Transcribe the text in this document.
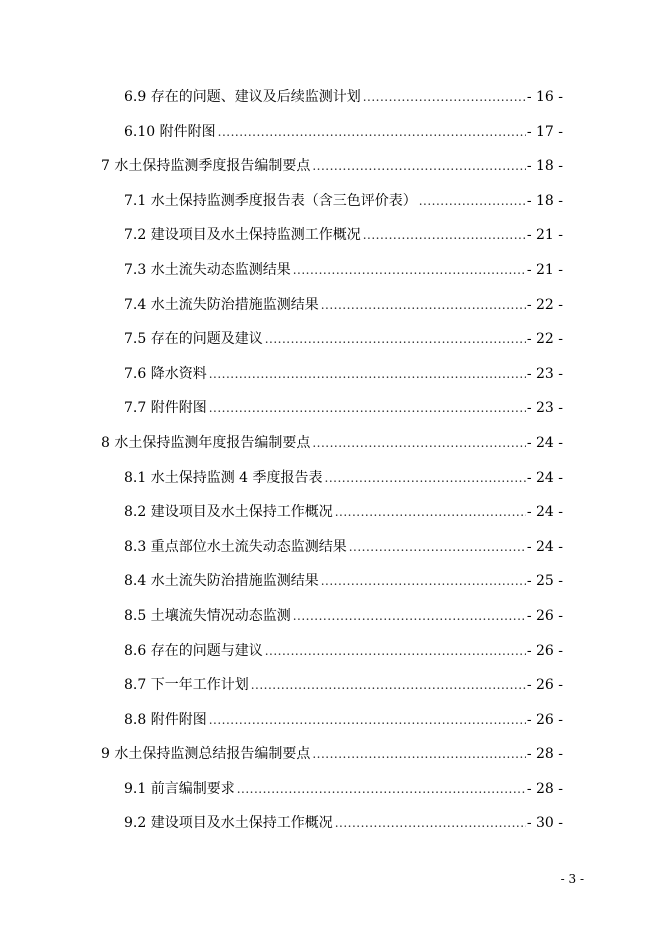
6.9 存在的问题、建议及后续监测计划 .....	- 16 -
6.10 附件附图 .....	- 17 -
7 水土保持监测季度报告编制要点 .....	- 18 -
7.1 水土保持监测季度报告表（含三色评价表） .....	- 18 -
7.2 建设项目及水土保持监测工作概况 .....	- 21 -
7.3 水土流失动态监测结果 .....	- 21 -
7.4 水土流失防治措施监测结果 .....	- 22 -
7.5 存在的问题及建议 .....	- 22 -
7.6 降水资料 .....	- 23 -
7.7 附件附图 .....	- 23 -
8 水土保持监测年度报告编制要点 .....	- 24 -
8.1 水土保持监测 4 季度报告表 .....	- 24 -
8.2 建设项目及水土保持工作概况 .....	- 24 -
8.3 重点部位水土流失动态监测结果 .....	- 24 -
8.4 水土流失防治措施监测结果 .....	- 25 -
8.5 土壤流失情况动态监测 .....	- 26 -
8.6 存在的问题与建议 .....	- 26 -
8.7 下一年工作计划 .....	- 26 -
8.8 附件附图 .....	- 26 -
9 水土保持监测总结报告编制要点 .....	- 28 -
9.1 前言编制要求 .....	- 28 -
9.2 建设项目及水土保持工作概况 .....	- 30 -
- 3 -
